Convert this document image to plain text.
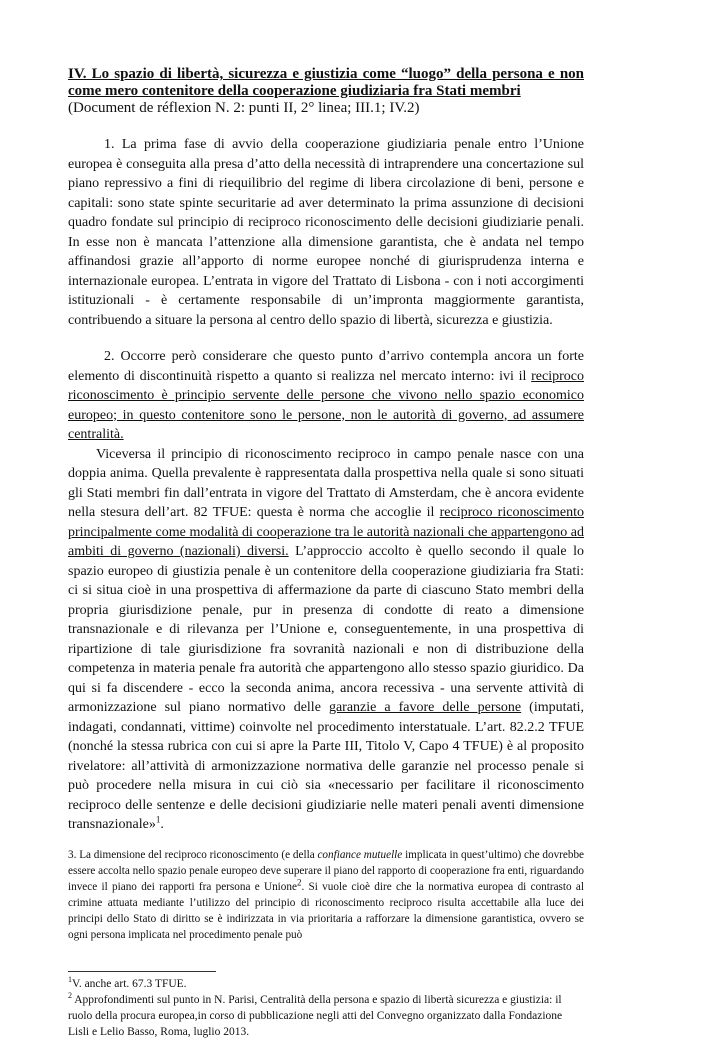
IV. Lo spazio di libertà, sicurezza e giustizia come “luogo” della persona e non come mero contenitore della cooperazione giudiziaria fra Stati membri

(Document de réflexion N. 2: punti II, 2° linea; III.1; IV.2)

1. La prima fase di avvio della cooperazione giudiziaria penale entro l’Unione europea è conseguita alla presa d’atto della necessità di intraprendere una concertazione sul piano repressivo a fini di riequilibrio del regime di libera circolazione di beni, persone e capitali: sono state spinte securitarie ad aver determinato la prima assunzione di decisioni quadro fondate sul principio di reciproco riconoscimento delle decisioni giudiziarie penali. In esse non è mancata l’attenzione alla dimensione garantista, che è andata nel tempo affinandosi grazie all’apporto di norme europee nonché di giurisprudenza interna e internazionale europea. L’entrata in vigore del Trattato di Lisbona - con i noti accorgimenti istituzionali - è certamente responsabile di un’impronta maggiormente garantista, contribuendo a situare la persona al centro dello spazio di libertà, sicurezza e giustizia.

2. Occorre però considerare che questo punto d’arrivo contempla ancora un forte elemento di discontinuità rispetto a quanto si realizza nel mercato interno: ivi il reciproco riconoscimento è principio servente delle persone che vivono nello spazio economico europeo; in questo contenitore sono le persone, non le autorità di governo, ad assumere centralità.

Viceversa il principio di riconoscimento reciproco in campo penale nasce con una doppia anima. Quella prevalente è rappresentata dalla prospettiva nella quale si sono situati gli Stati membri fin dall’entrata in vigore del Trattato di Amsterdam, che è ancora evidente nella stesura dell’art. 82 TFUE: questa è norma che accoglie il reciproco riconoscimento principalmente come modalità di cooperazione tra le autorità nazionali che appartengono ad ambiti di governo (nazionali) diversi. L’approccio accolto è quello secondo il quale lo spazio europeo di giustizia penale è un contenitore della cooperazione giudiziaria fra Stati: ci si situa cioè in una prospettiva di affermazione da parte di ciascuno Stato membri della propria giurisdizione penale, pur in presenza di condotte di reato a dimensione transnazionale e di rilevanza per l’Unione e, conseguentemente, in una prospettiva di ripartizione di tale giurisdizione fra sovranità nazionali e non di distribuzione della competenza in materia penale fra autorità che appartengono allo stesso spazio giuridico. Da qui si fa discendere - ecco la seconda anima, ancora recessiva - una servente attività di armonizzazione sul piano normativo delle garanzie a favore delle persone (imputati, indagati, condannati, vittime) coinvolte nel procedimento interstatuale. L’art. 82.2.2 TFUE (nonché la stessa rubrica con cui si apre la Parte III, Titolo V, Capo 4 TFUE) è al proposito rivelatore: all’attività di armonizzazione normativa delle garanzie nel processo penale si può procedere nella misura in cui ciò sia «necessario per facilitare il riconoscimento reciproco delle sentenze e delle decisioni giudiziarie nelle materi penali aventi dimensione transnazionale»$^1$.

3. La dimensione del reciproco riconoscimento (e della confiance mutuelle implicata in quest’ultimo) che dovrebbe essere accolta nello spazio penale europeo deve superare il piano del rapporto di cooperazione fra enti, riguardando invece il piano dei rapporti fra persona e Unione$^2$. Si vuole cioè dire che la normativa europea di contrasto al crimine attuata mediante l’utilizzo del principio di riconoscimento reciproco risulta accettabile alla luce dei principi dello Stato di diritto se è indirizzata in via prioritaria a rafforzare la dimensione garantistica, ovvero se ogni persona implicata nel procedimento penale può

$^1$V. anche art. 67.3 TFUE.

$^2$ Approfondimenti sul punto in N. Parisi, Centralità della persona e spazio di libertà sicurezza e giustizia: il ruolo della procura europea,in corso di pubblicazione negli atti del Convegno organizzato dalla Fondazione Lisli e Lelio Basso, Roma, luglio 2013.
